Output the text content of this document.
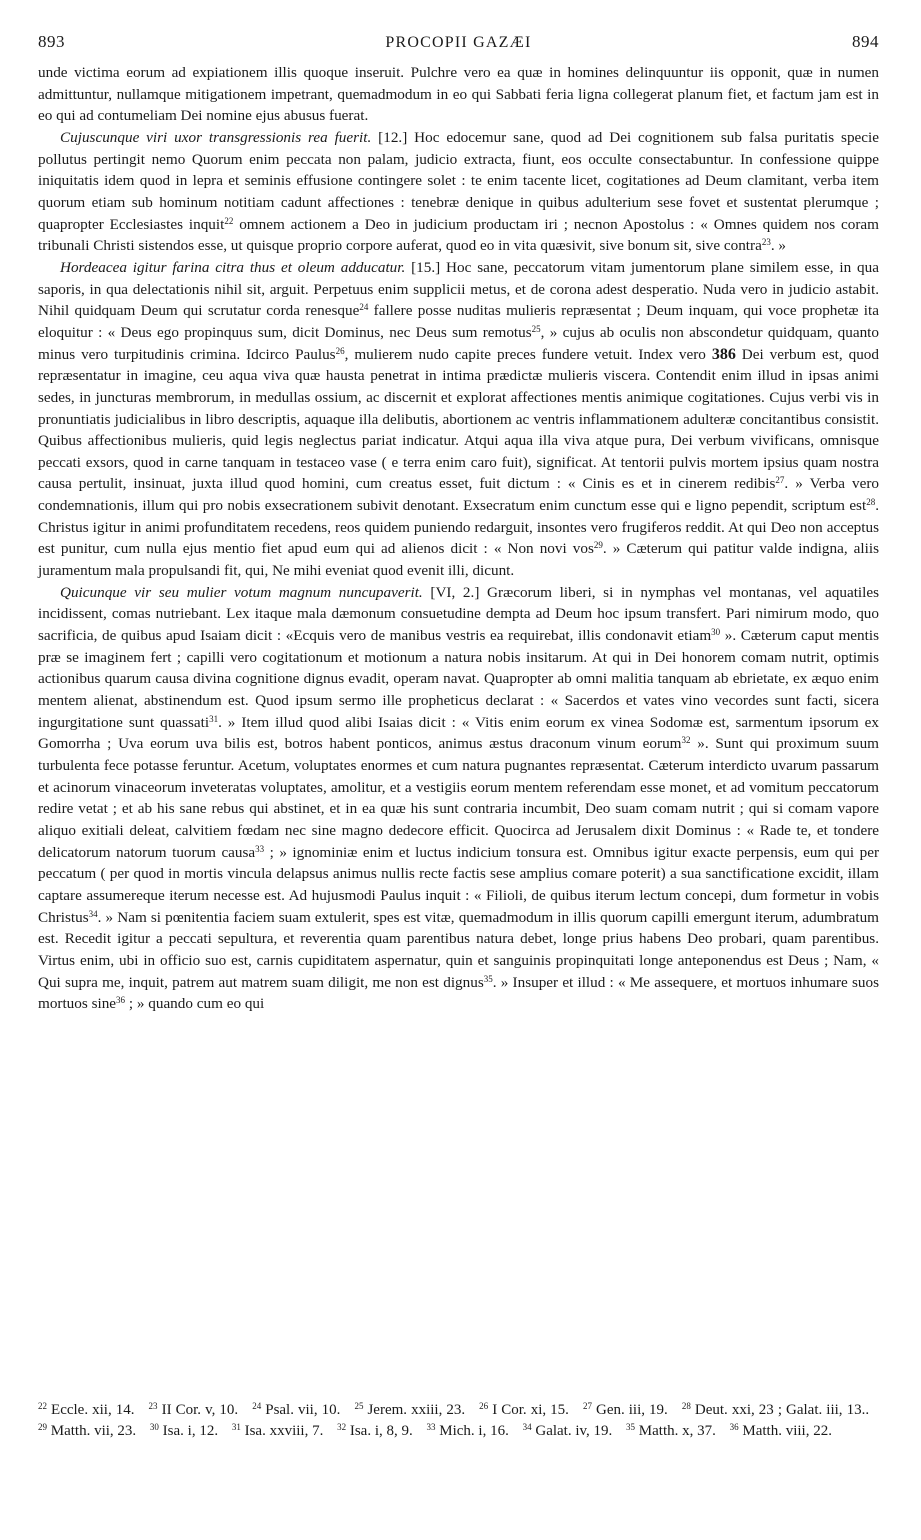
893	PROCOPII GAZÆI	894

unde victima eorum ad expiationem illis quoque inseruit. Pulchre vero ea quæ in homines delinquuntur iis opponit, quæ in numen admittuntur, nullamque mitigationem impetrant, quemadmodum in eo qui Sabbati feria ligna collegerat planum fiet, et factum jam est in eo qui ad contumeliam Dei nomine ejus abusus fuerat.

Cujuscunque viri uxor transgressionis rea fuerit. [12.] Hoc edocemur sane, quod ad Dei cognitionem sub falsa puritatis specie pollutus pertingit nemo Quorum enim peccata non palam, judicio extracta, fiunt, eos occulte consectabuntur. In confessione quippe iniquitatis idem quod in lepra et seminis effusione contingere solet : te enim tacente licet, cogitationes ad Deum clamitant, verba item quorum etiam sub hominum notitiam cadunt affectiones : tenebræ denique in quibus adulterium sese fovet et sustentat plerumque ; quapropter Ecclesiastes inquit$^{22}$ omnem actionem a Deo in judicium productam iri ; necnon Apostolus : « Omnes quidem nos coram tribunali Christi sistendos esse, ut quisque proprio corpore auferat, quod eo in vita quæsivit, sive bonum sit, sive contra$^{23}$. »

Hordeacea igitur farina citra thus et oleum adducatur. [15.] Hoc sane, peccatorum vitam jumentorum plane similem esse, in qua saporis, in qua delectationis nihil sit, arguit. Perpetuus enim supplicii metus, et de corona adest desperatio. Nuda vero in judicio astabit. Nihil quidquam Deum qui scrutatur corda renesque$^{24}$ fallere posse nuditas mulieris repræsentat ; Deum inquam, qui voce prophetæ ita eloquitur : « Deus ego propinquus sum, dicit Dominus, nec Deus sum remotus$^{25}$, » cujus ab oculis non abscondetur quidquam, quanto minus vero turpitudinis crimina. Idcirco Paulus$^{26}$, mulierem nudo capite preces fundere vetuit. Index vero 386 Dei verbum est, quod repræsentatur in imagine, ceu aqua viva quæ hausta penetrat in intima prædictæ mulieris viscera. Contendit enim illud in ipsas animi sedes, in juncturas membrorum, in medullas ossium, ac discernit et explorat affectiones mentis animique cogitationes. Cujus verbi vis in pronuntiatis judicialibus in libro descriptis, aquaque illa delibutis, abortionem ac ventris inflammationem adulteræ concitantibus consistit. Quibus affectionibus mulieris, quid legis neglectus pariat indicatur. Atqui aqua illa viva atque pura, Dei verbum vivificans, omnisque peccati exsors, quod in carne tanquam in testaceo vase ( e terra enim caro fuit), significat. At tentorii pulvis mortem ipsius quam nostra causa pertulit, insinuat, juxta illud quod homini, cum creatus esset, fuit dictum : « Cinis es et in cinerem redibis$^{27}$. » Verba vero condemnationis, illum qui pro nobis exsecrationem subivit denotant. Exsecratum enim cunctum esse qui e ligno pependit, scriptum est$^{28}$. Christus igitur in animi profunditatem recedens, reos quidem puniendo redarguit, insontes vero frugiferos reddit. At qui Deo non acceptus est punitur, cum nulla ejus mentio fiet apud eum qui ad alienos dicit : « Non novi vos$^{29}$. » Cæterum qui patitur valde indigna, aliis juramentum mala propulsandi fit, qui, Ne mihi eveniat quod evenit illi, dicunt.

Quicunque vir seu mulier votum magnum nuncupaverit. [VI, 2.] Græcorum liberi, si in nymphas vel montanas, vel aquatiles incidissent, comas nutriebant. Lex itaque mala dæmonum consuetudine dempta ad Deum hoc ipsum transfert. Pari nimirum modo, quo sacrificia, de quibus apud Isaiam dicit : «Ecquis vero de manibus vestris ea requirebat, illis condonavit etiam$^{30}$ ». Cæterum caput mentis præ se imaginem fert ; capilli vero cogitationum et motionum a natura nobis insitarum. At qui in Dei honorem comam nutrit, optimis actionibus quarum causa divina cognitione dignus evadit, operam navat. Quapropter ab omni malitia tanquam ab ebrietate, ex æquo enim mentem alienat, abstinendum est. Quod ipsum sermo ille propheticus declarat : « Sacerdos et vates vino vecordes sunt facti, sicera ingurgitatione sunt quassati$^{31}$. » Item illud quod alibi Isaias dicit : « Vitis enim eorum ex vinea Sodomæ est, sarmentum ipsorum ex Gomorrha ; Uva eorum uva bilis est, botros habent ponticos, animus æstus draconum vinum eorum$^{32}$ ». Sunt qui proximum suum turbulenta fece potasse feruntur. Acetum, voluptates enormes et cum natura pugnantes repræsentat. Cæterum interdicto uvarum passarum et acinorum vinaceorum inveteratas voluptates, amolitur, et a vestigiis eorum mentem referendam esse monet, et ad vomitum peccatorum redire vetat ; et ab his sane rebus qui abstinet, et in ea quæ his sunt contraria incumbit, Deo suam comam nutrit ; qui si comam vapore aliquo exitiali deleat, calvitiem fœdam nec sine magno dedecore efficit. Quocirca ad Jerusalem dixit Dominus : « Rade te, et tondere delicatorum natorum tuorum causa$^{33}$ ; » ignominiæ enim et luctus indicium tonsura est. Omnibus igitur exacte perpensis, eum qui per peccatum ( per quod in mortis vincula delapsus animus nullis recte factis sese amplius comare poterit) a sua sanctificatione excidit, illam captare assumereque iterum necesse est. Ad hujusmodi Paulus inquit : « Filioli, de quibus iterum lectum concepi, dum formetur in vobis Christus$^{34}$. » Nam si pœnitentia faciem suam extulerit, spes est vitæ, quemadmodum in illis quorum capilli emergunt iterum, adumbratum est. Recedit igitur a peccati sepultura, et reverentia quam parentibus natura debet, longe prius habens Deo probari, quam parentibus. Virtus enim, ubi in officio suo est, carnis cupiditatem aspernatur, quin et sanguinis propinquitati longe anteponendus est Deus ; Nam, « Qui supra me, inquit, patrem aut matrem suam diligit, me non est dignus$^{35}$. » Insuper et illud : « Me assequere, et mortuos inhumare suos mortuos sine$^{36}$ ; » quando cum eo qui

$^{22}$ Eccle. xii, 14. $^{23}$ II Cor. v, 10. $^{24}$ Psal. vii, 10. $^{25}$ Jerem. xxiii, 23. $^{26}$ I Cor. xi, 15. $^{27}$ Gen. iii, 19. $^{28}$ Deut. xxi, 23 ; Galat. iii, 13.. $^{29}$ Matth. vii, 23. $^{30}$ Isa. i, 12. $^{31}$ Isa. xxviii, 7. $^{32}$ Isa. i, 8, 9. $^{33}$ Mich. i, 16. $^{34}$ Galat. iv, 19. $^{35}$ Matth. x, 37. $^{36}$ Matth. viii, 22.
